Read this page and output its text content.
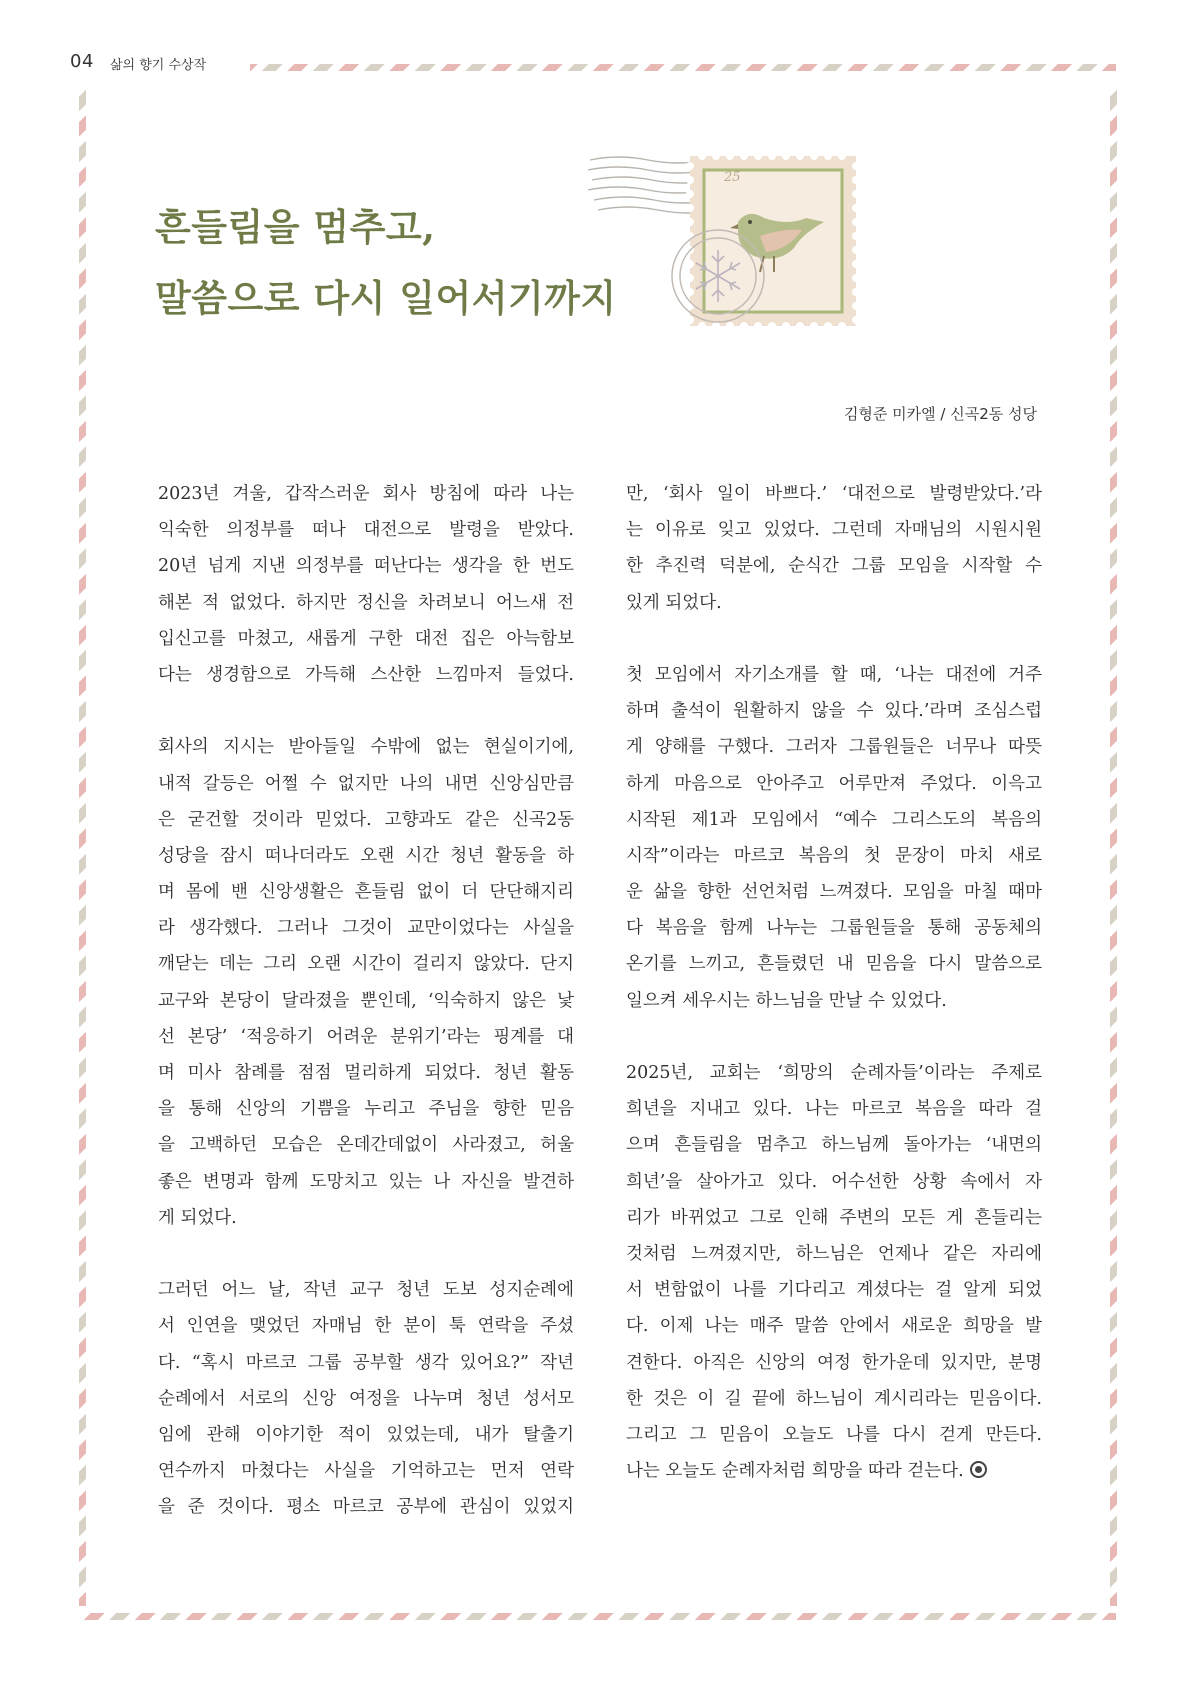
04 삶의 향기 수상작
흔들림을 멈추고,
말씀으로 다시 일어서기까지
25
김형준 미카엘 / 신곡2동 성당
2023년 겨울, 갑작스러운 회사 방침에 따라 나는
익숙한 의정부를 떠나 대전으로 발령을 받았다.
20년 넘게 지낸 의정부를 떠난다는 생각을 한 번도
해본 적 없었다. 하지만 정신을 차려보니 어느새 전
입신고를 마쳤고, 새롭게 구한 대전 집은 아늑함보
다는 생경함으로 가득해 스산한 느낌마저 들었다.
회사의 지시는 받아들일 수밖에 없는 현실이기에,
내적 갈등은 어쩔 수 없지만 나의 내면 신앙심만큼
은 굳건할 것이라 믿었다. 고향과도 같은 신곡2동
성당을 잠시 떠나더라도 오랜 시간 청년 활동을 하
며 몸에 밴 신앙생활은 흔들림 없이 더 단단해지리
라 생각했다. 그러나 그것이 교만이었다는 사실을
깨닫는 데는 그리 오랜 시간이 걸리지 않았다. 단지
교구와 본당이 달라졌을 뿐인데, ‘익숙하지 않은 낯
선 본당’ ‘적응하기 어려운 분위기’라는 핑계를 대
며 미사 참례를 점점 멀리하게 되었다. 청년 활동
을 통해 신앙의 기쁨을 누리고 주님을 향한 믿음
을 고백하던 모습은 온데간데없이 사라졌고, 허울
좋은 변명과 함께 도망치고 있는 나 자신을 발견하
게 되었다.
그러던 어느 날, 작년 교구 청년 도보 성지순례에
서 인연을 맺었던 자매님 한 분이 툭 연락을 주셨
다. “혹시 마르코 그룹 공부할 생각 있어요?” 작년
순례에서 서로의 신앙 여정을 나누며 청년 성서모
임에 관해 이야기한 적이 있었는데, 내가 탈출기
연수까지 마쳤다는 사실을 기억하고는 먼저 연락
을 준 것이다. 평소 마르코 공부에 관심이 있었지
만, ‘회사 일이 바쁘다.’ ‘대전으로 발령받았다.’라
는 이유로 잊고 있었다. 그런데 자매님의 시원시원
한 추진력 덕분에, 순식간 그룹 모임을 시작할 수
있게 되었다.
첫 모임에서 자기소개를 할 때, ‘나는 대전에 거주
하며 출석이 원활하지 않을 수 있다.’라며 조심스럽
게 양해를 구했다. 그러자 그룹원들은 너무나 따뜻
하게 마음으로 안아주고 어루만져 주었다. 이윽고
시작된 제1과 모임에서 “예수 그리스도의 복음의
시작”이라는 마르코 복음의 첫 문장이 마치 새로
운 삶을 향한 선언처럼 느껴졌다. 모임을 마칠 때마
다 복음을 함께 나누는 그룹원들을 통해 공동체의
온기를 느끼고, 흔들렸던 내 믿음을 다시 말씀으로
일으켜 세우시는 하느님을 만날 수 있었다.
2025년, 교회는 ‘희망의 순례자들’이라는 주제로
희년을 지내고 있다. 나는 마르코 복음을 따라 걸
으며 흔들림을 멈추고 하느님께 돌아가는 ‘내면의
희년’을 살아가고 있다. 어수선한 상황 속에서 자
리가 바뀌었고 그로 인해 주변의 모든 게 흔들리는
것처럼 느껴졌지만, 하느님은 언제나 같은 자리에
서 변함없이 나를 기다리고 계셨다는 걸 알게 되었
다. 이제 나는 매주 말씀 안에서 새로운 희망을 발
견한다. 아직은 신앙의 여정 한가운데 있지만, 분명
한 것은 이 길 끝에 하느님이 계시리라는 믿음이다.
그리고 그 믿음이 오늘도 나를 다시 걷게 만든다.
나는 오늘도 순례자처럼 희망을 따라 걷는다.
